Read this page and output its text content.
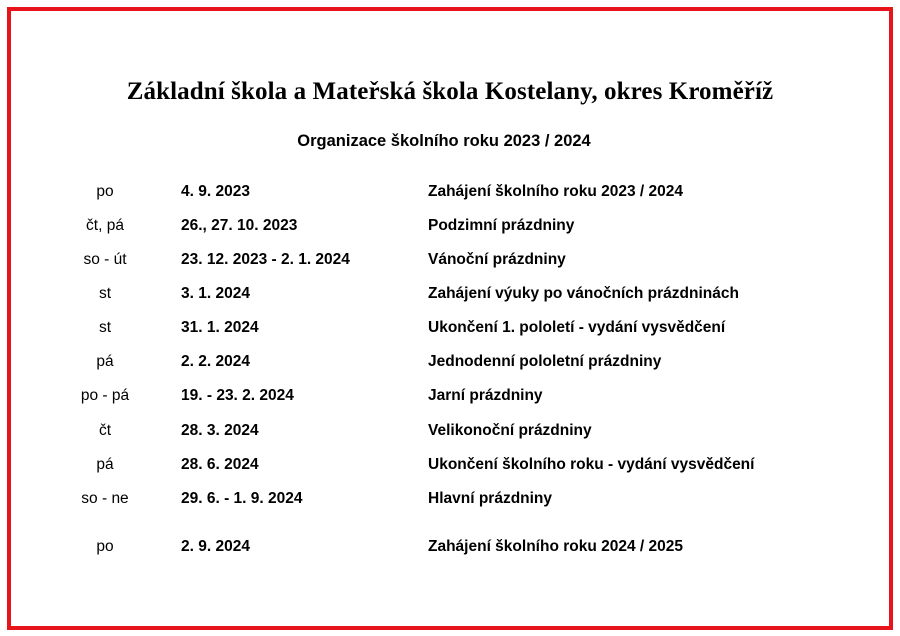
Základní škola a Mateřská škola Kostelany, okres Kroměříž
Organizace školního roku 2023 / 2024
po	4. 9. 2023	Zahájení školního roku 2023 / 2024
čt, pá	26., 27. 10. 2023	Podzimní prázdniny
so - út	23. 12. 2023 - 2. 1. 2024	Vánoční prázdniny
st	3. 1. 2024	Zahájení výuky po vánočních prázdninách
st	31. 1. 2024	Ukončení 1. pololetí - vydání vysvědčení
pá	2. 2. 2024	Jednodenní pololetní prázdniny
po - pá	19. - 23. 2. 2024	Jarní prázdniny
čt	28. 3. 2024	Velikonoční prázdniny
pá	28. 6. 2024	Ukončení školního roku - vydání vysvědčení
so - ne	29. 6. - 1. 9. 2024	Hlavní prázdniny
po	2. 9. 2024	Zahájení školního roku 2024 / 2025
